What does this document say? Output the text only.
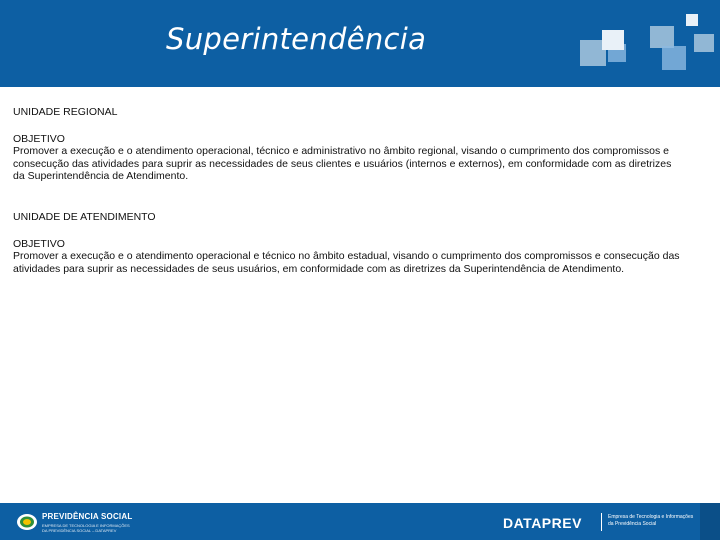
Superintendência

UNIDADE REGIONAL

OBJETIVO

Promover a execução e o atendimento operacional, técnico e administrativo no âmbito regional, visando o cumprimento dos compromissos e consecução das atividades para suprir as necessidades de seus clientes e usuários (internos e externos), em conformidade com as diretrizes da Superintendência de Atendimento.

UNIDADE DE ATENDIMENTO

OBJETIVO

Promover a execução e o atendimento operacional e técnico no âmbito estadual, visando o cumprimento dos compromissos e consecução das atividades para suprir as necessidades de seus usuários, em conformidade com as diretrizes da Superintendência de Atendimento.

PREVIDÊNCIA SOCIAL
EMPRESA DE TECNOLOGIA E INFORMAÇÕES DA PREVIDÊNCIA SOCIAL – DATAPREV	DATAPREV	Empresa de Tecnologia e Informações da Previdência Social
